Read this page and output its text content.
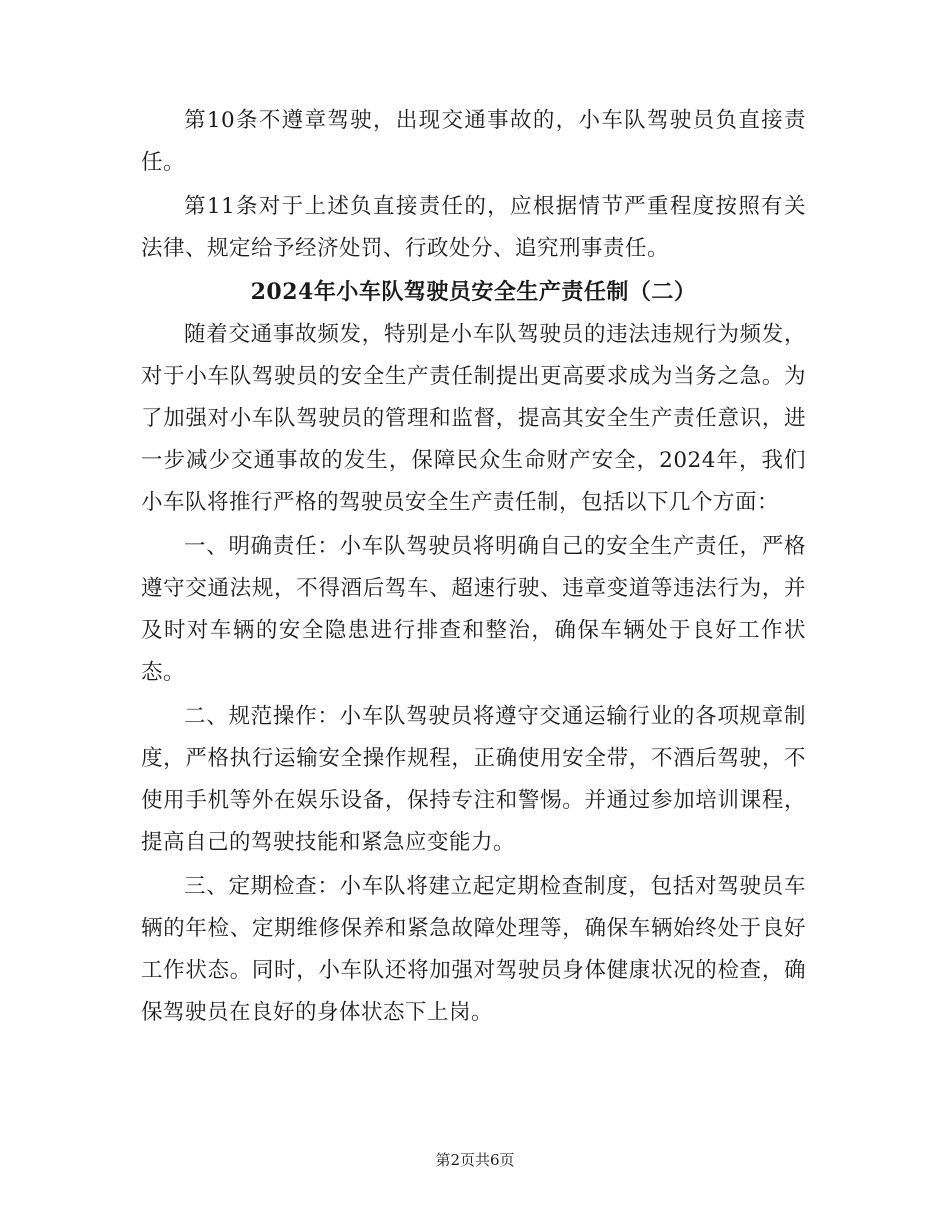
第10条不遵章驾驶，出现交通事故的，小车队驾驶员负直接责任。

第11条对于上述负直接责任的，应根据情节严重程度按照有关法律、规定给予经济处罚、行政处分、追究刑事责任。

2024年小车队驾驶员安全生产责任制（二）

随着交通事故频发，特别是小车队驾驶员的违法违规行为频发，对于小车队驾驶员的安全生产责任制提出更高要求成为当务之急。为了加强对小车队驾驶员的管理和监督，提高其安全生产责任意识，进一步减少交通事故的发生，保障民众生命财产安全，2024年，我们小车队将推行严格的驾驶员安全生产责任制，包括以下几个方面：

一、明确责任：小车队驾驶员将明确自己的安全生产责任，严格遵守交通法规，不得酒后驾车、超速行驶、违章变道等违法行为，并及时对车辆的安全隐患进行排查和整治，确保车辆处于良好工作状态。

二、规范操作：小车队驾驶员将遵守交通运输行业的各项规章制度，严格执行运输安全操作规程，正确使用安全带，不酒后驾驶，不使用手机等外在娱乐设备，保持专注和警惕。并通过参加培训课程，提高自己的驾驶技能和紧急应变能力。

三、定期检查：小车队将建立起定期检查制度，包括对驾驶员车辆的年检、定期维修保养和紧急故障处理等，确保车辆始终处于良好工作状态。同时，小车队还将加强对驾驶员身体健康状况的检查，确保驾驶员在良好的身体状态下上岗。

第2页共6页
